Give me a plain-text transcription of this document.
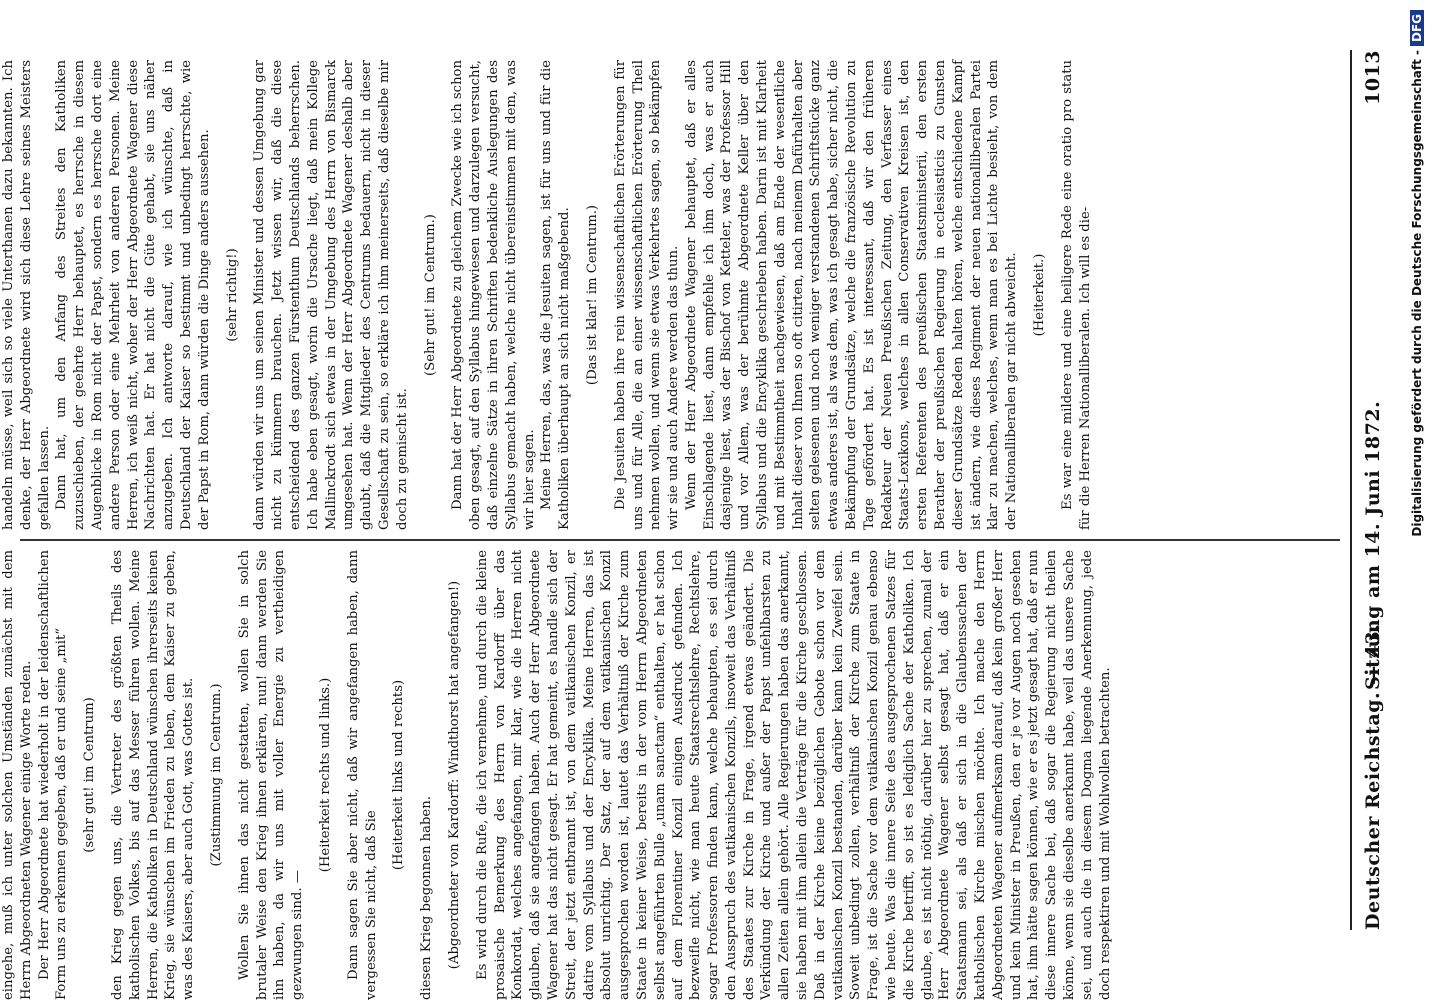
eingehe, muß ich unter solchen Umständen zunächst mit dem Herrn Abgeordneten Wagener einige Worte reden. Der Herr Abgeordnete hat wiederholt in der leidenschaftlichen Form uns zu erkennen gegeben, daß er und seine „mit“ (sehr gut! im Centrum) den Krieg gegen uns, die Vertreter des größten Theils des katholischen Volkes, bis auf das Messer führen wollen. Meine Herren, die Katholiken in Deutschland wünschen ihrerseits keinen Krieg, sie wünschen im Frieden zu leben, dem Kaiser zu geben, was des Kaisers, aber auch Gott, was Gottes ist. (Zustimmung im Centrum.) Wollen Sie ihnen das nicht gestatten, wollen Sie in solch brutaler Weise den Krieg ihnen erklären, nun! dann werden Sie ihn haben, da wir uns mit voller Energie zu vertheidigen gezwungen sind. —

(Heiterkeit rechts und links.) Dann sagen Sie aber nicht, daß wir angefangen haben, dann vergessen Sie nicht, daß Sie

(Heiterkeit links und rechts)

diesen Krieg begonnen haben. (Abgeordneter von Kardorff: Windthorst hat angefangen!) Es wird durch die Rufe, die ich vernehme, und durch die kleine prosaische Bemerkung des Herrn von Kardorff über das Konkordat, welches angefangen, mir klar, wie die Herren nicht glauben, daß sie angefangen haben. Auch der Herr Abgeordnete Wagener hat das nicht gesagt. Er hat gemeint, es handle sich der Streit, der jetzt entbrannt ist, von dem vatikanischen Konzil, er datire vom Syllabus und der Encyklika. Meine Herren, das ist absolut unrichtig. Der Satz, der auf dem vatikanischen Konzil ausgesprochen worden ist, lautet das Verhältniß der Kirche zum Staate in keiner Weise, bereits in der vom Herrn Abgeordneten selbst angeführten Bulle „unam sanctam“ enthalten, er hat schon auf dem Florentiner Konzil einigen Ausdruck gefunden. Ich bezweifle nicht, wie man heute Staatsrechtslehre, Rechtslehre, sogar Professoren finden kann, welche behaupten, es sei durch den Ausspruch des vatikanischen Konzils, insoweit das Verhältniß des Staates zur Kirche in Frage, irgend etwas geändert. Die Verkündung der Kirche und außer der Papst unfehlbarsten zu allen Zeiten allein gehört. Alle Regierungen haben das anerkannt, sie haben mit ihm allein die Verträge für die Kirche geschlossen. Daß in der Kirche keine bezüglichen Gebote schon vor dem vatikanischen Konzil bestanden, darüber kann kein Zweifel sein. Soweit unbedingt zollen, verhältniß der Kirche zum Staate in Frage, ist die Sache vor dem vatikanischen Konzil genau ebenso wie heute. Was die innere Seite des ausgesprochenen Satzes für die Kirche betrifft, so ist es lediglich Sache der Katholiken. Ich glaube, es ist nicht nöthig, darüber hier zu sprechen, zumal der Herr Abgeordnete Wagener selbst gesagt hat, daß er ein Staatsmann sei, als daß er sich in die Glaubenssachen der katholischen Kirche mischen möchte. Ich mache den Herrn Abgeordneten Wagener aufmerksam darauf, daß kein großer Herr und kein Minister in Preußen, den er je vor Augen noch gesehen hat, ihm hätte sagen können, wie er es jetzt gesagt hat, daß er nun diese innere Sache bei, daß sogar die Regierung nicht theilen könne, wenn sie dieselbe anerkannt habe, weil das unsere Sache sei, und auch die in diesem Dogma liegende Anerkennung, jede doch respektiren und mit Wohlwollen betrachten.

handeln müsse, weil sich so viele Unterthanen dazu bekannten. Ich denke, der Herr Abgeordnete wird sich diese Lehre seines Meisters gefallen lassen. Dann hat, um den Anfang des Streites den Katholiken zuzuschieben, der geehrte Herr behauptet, es herrsche in diesem Augenblicke in Rom nicht der Papst, sondern es herrsche dort eine andere Person oder eine Mehrheit von anderen Personen. Meine Herren, ich weiß nicht, woher der Herr Abgeordnete Wagener diese Nachrichten hat. Er hat nicht die Güte gehabt, sie uns näher anzugeben. Ich antworte darauf, wie ich wünschte, daß in Deutschland der Kaiser so bestimmt und unbedingt herrschte, wie der Papst in Rom, dann würden die Dinge anders aussehen. (sehr richtig!) dann würden wir uns um seinen Minister und dessen Umgebung gar nicht zu kümmern brauchen. Jetzt wissen wir, daß die diese entscheidend des ganzen Fürstenthum Deutschlands beherrschen. Ich habe eben gesagt, worin die Ursache liegt, daß mein Kollege Mallinckrodt sich etwas in der Umgebung des Herrn von Bismarck umgesehen hat. Wenn der Herr Abgeordnete Wagener deshalb aber glaubt, daß die Mitglieder des Centrums bedauern, nicht in dieser Gesellschaft zu sein, so erkläre ich ihm meinerseits, daß dieselbe mir doch zu gemischt ist.

(Sehr gut! im Centrum.) Dann hat der Herr Abgeordnete zu gleichem Zwecke wie ich schon oben gesagt, auf den Syllabus hingewiesen und darzulegen versucht, daß einzelne Sätze in ihren Schriften bedenkliche Auslegungen des Syllabus gemacht haben, welche nicht übereinstimmen mit dem, was wir hier sagen. Meine Herren, das, was die Jesuiten sagen, ist für uns und für die Katholiken überhaupt an sich nicht maßgebend. (Das ist klar! im Centrum.) Die Jesuiten haben ihre rein wissenschaftlichen Erörterungen für uns und für Alle, die an einer wissenschaftlichen Erörterung Theil nehmen wollen, und wenn sie etwas Verkehrtes sagen, so bekämpfen wir sie und auch Andere werden das thun. Wenn der Herr Abgeordnete Wagener behauptet, daß er alles Einschlagende liest, dann empfehle ich ihm doch, was er auch dasjenige liest, was der Bischof von Ketteler, was der Professor Hill und vor Allem, was der berühmte Abgeordnete Keller über den Syllabus und die Encyklika geschrieben haben. Darin ist mit Klarheit und mit Bestimmtheit nachgewiesen, daß am Ende der wesentliche Inhalt dieser von Ihnen so oft citirten, nach meinem Dafürhalten aber selten gelesenen und noch weniger verstandenen Schriftstücke ganz etwas anderes ist, als was dem, was ich gesagt habe, sicher nicht, die Bekämpfung der Grundsätze, welche die französische Revolution zu Tage gefördert hat. Es ist interessant, daß wir den früheren Redakteur der Neuen Preußischen Zeitung, den Verfasser eines Staats-Lexikons, welches in allen Conservativen Kreisen ist, den ersten Referenten des preußischen Staatsministerii, den ersten Berather der preußischen Regierung in ecclesiasticis zu Gunsten dieser Grundsätze Reden halten hören, welche entschiedene Kampf ist ändern, wie dieses Regiment der neuen nationalliberalen Partei klar zu machen, welches, wenn man es bei Lichte besieht, von dem der Nationalliberalen gar nicht abweicht. (Heiterkeit.) Es war eine mildere und eine heiligere Rede eine oratio pro statu für die Herren Nationalliberalen. Ich will es die-

Deutscher Reichstag. — 43.
Sitzung am 14. Juni 1872.
1013 Digitalisierung gefördert durch die Deutsche Forschungsgemeinschaft -DFG
